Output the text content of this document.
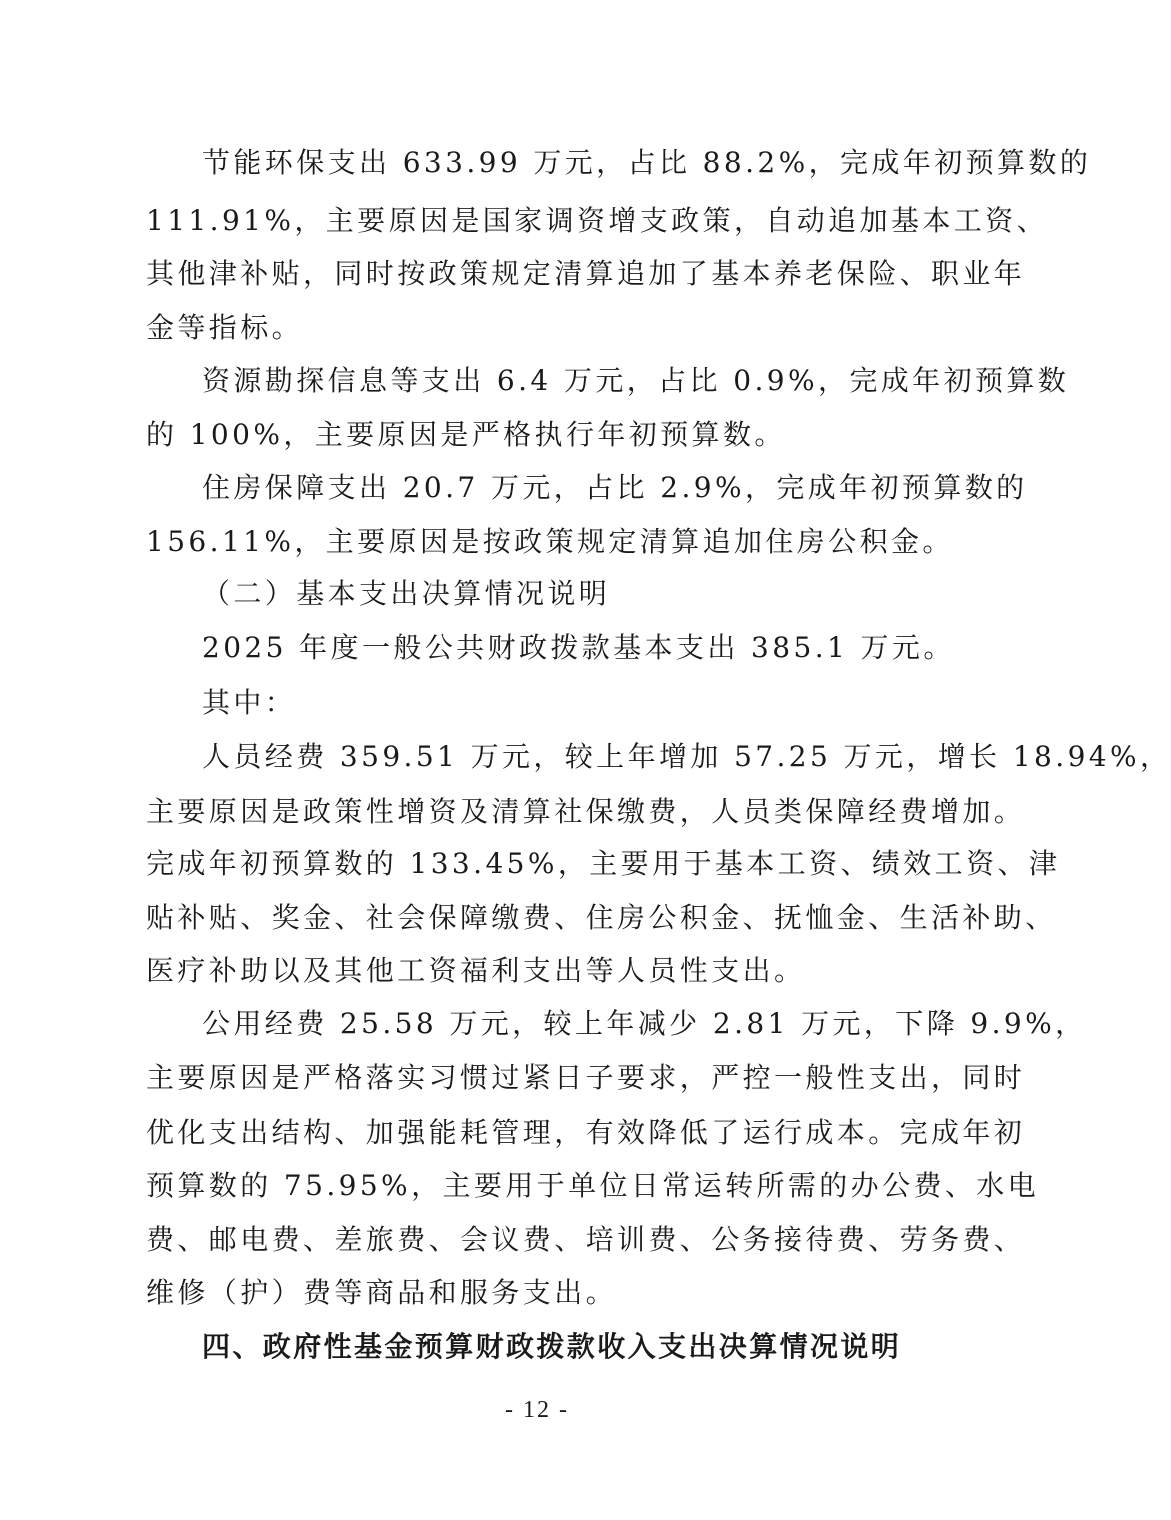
节能环保支出 633.99 万元，占比 88.2%，完成年初预算数的
111.91%，主要原因是国家调资增支政策，自动追加基本工资、
其他津补贴，同时按政策规定清算追加了基本养老保险、职业年
金等指标。
资源勘探信息等支出 6.4 万元，占比 0.9%，完成年初预算数
的 100%，主要原因是严格执行年初预算数。
住房保障支出 20.7 万元，占比 2.9%，完成年初预算数的
156.11%，主要原因是按政策规定清算追加住房公积金。
（二）基本支出决算情况说明
2025 年度一般公共财政拨款基本支出 385.1 万元。
其中：
人员经费 359.51 万元，较上年增加 57.25 万元，增长 18.94%，
主要原因是政策性增资及清算社保缴费，人员类保障经费增加。
完成年初预算数的 133.45%，主要用于基本工资、绩效工资、津
贴补贴、奖金、社会保障缴费、住房公积金、抚恤金、生活补助、
医疗补助以及其他工资福利支出等人员性支出。
公用经费 25.58 万元，较上年减少 2.81 万元，下降 9.9%，
主要原因是严格落实习惯过紧日子要求，严控一般性支出，同时
优化支出结构、加强能耗管理，有效降低了运行成本。完成年初
预算数的 75.95%，主要用于单位日常运转所需的办公费、水电
费、邮电费、差旅费、会议费、培训费、公务接待费、劳务费、
维修（护）费等商品和服务支出。
四、政府性基金预算财政拨款收入支出决算情况说明
- 12 -
